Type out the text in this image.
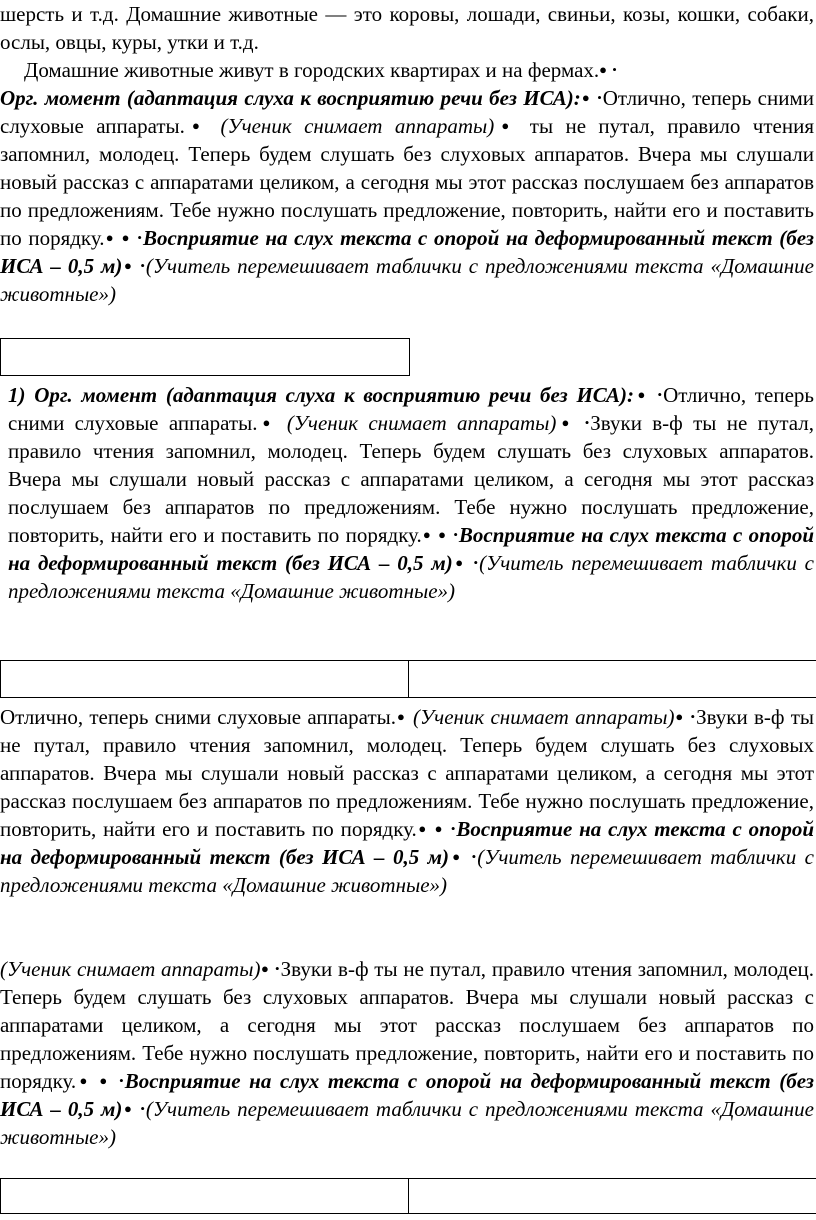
шерсть и т.д. Домашние животные — это коровы, лошади, свиньи, козы, кошки, собаки, ослы, овцы, куры, утки и т.д.
Домашние животные живут в городских квартирах и на фермах.● •
Орг. момент (адаптация слуха к восприятию речи без ИСА):● •Отлично, теперь сними слуховые аппараты.● (Ученик снимает аппараты)● ты не путал, правило чтения запомнил, молодец. Теперь будем слушать без слуховых аппаратов. Вчера мы слушали новый рассказ с аппаратами целиком, а сегодня мы этот рассказ послушаем без аппаратов по предложениям. Тебе нужно послушать предложение, повторить, найти его и поставить по порядку.● ● •Восприятие на слух текста с опорой на деформированный текст (без ИСА – 0,5 м)● •(Учитель перемешивает таблички с предложениями текста «Домашние животные»)
1) Орг. момент (адаптация слуха к восприятию речи без ИСА):● •Отлично, теперь сними слуховые аппараты.● (Ученик снимает аппараты)● •Звуки в-ф ты не путал, правило чтения запомнил, молодец. Теперь будем слушать без слуховых аппаратов. Вчера мы слушали новый рассказ с аппаратами целиком, а сегодня мы этот рассказ послушаем без аппаратов по предложениям. Тебе нужно послушать предложение, повторить, найти его и поставить по порядку.● ● •Восприятие на слух текста с опорой на деформированный текст (без ИСА – 0,5 м)● •(Учитель перемешивает таблички с предложениями текста «Домашние животные»)

Отлично, теперь сними слуховые аппараты.● (Ученик снимает аппараты)● •Звуки в-ф ты не путал, правило чтения запомнил, молодец. Теперь будем слушать без слуховых аппаратов. Вчера мы слушали новый рассказ с аппаратами целиком, а сегодня мы этот рассказ послушаем без аппаратов по предложениям. Тебе нужно послушать предложение, повторить, найти его и поставить по порядку.● ● •Восприятие на слух текста с опорой на деформированный текст (без ИСА – 0,5 м)● •(Учитель перемешивает таблички с предложениями текста «Домашние животные»)
(Ученик снимает аппараты)● •Звуки в-ф ты не путал, правило чтения запомнил, молодец. Теперь будем слушать без слуховых аппаратов. Вчера мы слушали новый рассказ с аппаратами целиком, а сегодня мы этот рассказ послушаем без аппаратов по предложениям. Тебе нужно послушать предложение, повторить, найти его и поставить по порядку.● ● •Восприятие на слух текста с опорой на деформированный текст (без ИСА – 0,5 м)● •(Учитель перемешивает таблички с предложениями текста «Домашние животные»)
